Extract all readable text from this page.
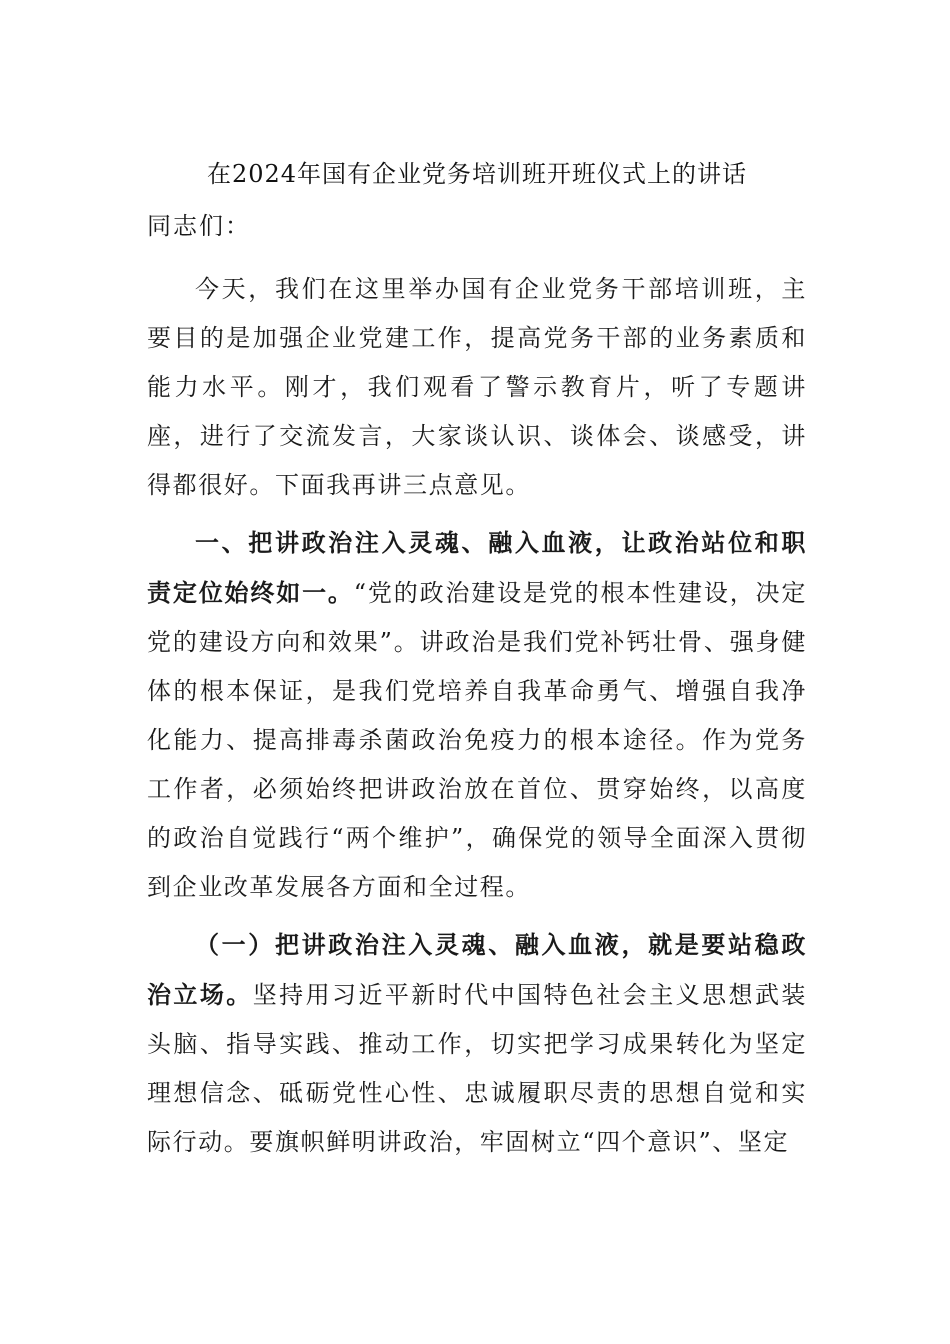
在2024年国有企业党务培训班开班仪式上的讲话
同志们：

今天，我们在这里举办国有企业党务干部培训班，主要目的是加强企业党建工作，提高党务干部的业务素质和能力水平。刚才，我们观看了警示教育片，听了专题讲座，进行了交流发言，大家谈认识、谈体会、谈感受，讲得都很好。下面我再讲三点意见。

一、把讲政治注入灵魂、融入血液，让政治站位和职责定位始终如一。“党的政治建设是党的根本性建设，决定党的建设方向和效果”。讲政治是我们党补钙壮骨、强身健体的根本保证，是我们党培养自我革命勇气、增强自我净化能力、提高排毒杀菌政治免疫力的根本途径。作为党务工作者，必须始终把讲政治放在首位、贯穿始终，以高度的政治自觉践行“两个维护”，确保党的领导全面深入贯彻到企业改革发展各方面和全过程。

（一）把讲政治注入灵魂、融入血液，就是要站稳政治立场。坚持用习近平新时代中国特色社会主义思想武装头脑、指导实践、推动工作，切实把学习成果转化为坚定理想信念、砥砺党性心性、忠诚履职尽责的思想自觉和实际行动。要旗帜鲜明讲政治，牢固树立“四个意识”、坚定
